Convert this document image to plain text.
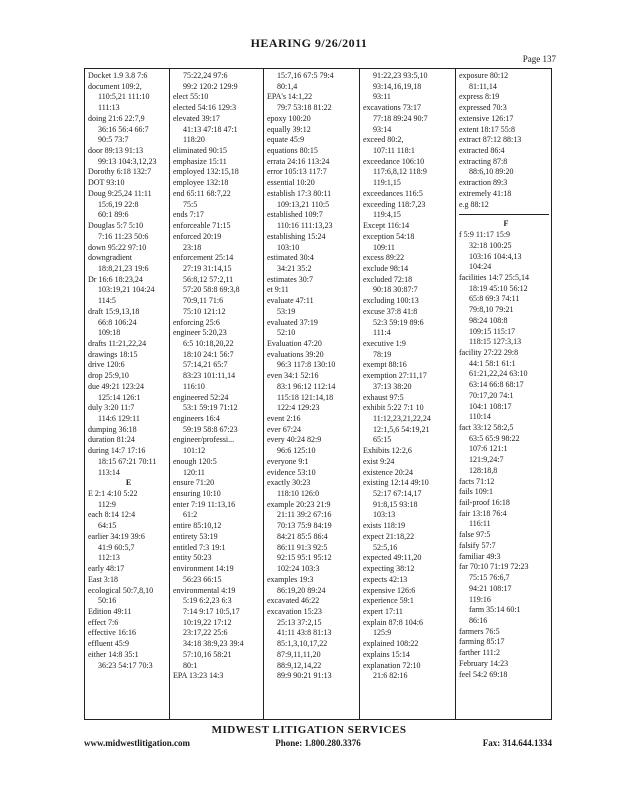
HEARING 9/26/2011
Page 137
Docket 1.9 3.8 7:6
document 109:2,
110:5,21 111:10
111:13
doing 21:6 22:7,9
36:16 56:4 66:7
90:5 73:7
door 89:13 91:13
99:13 104:3,12,23
Dorothy 6:18 132:7
DOT 93:10
Doug 9:25,24 11:11
15:6,19 22:8
60:1 89:6
Douglas 5:7 5:10
7:16 11:23 50:6
down 95:22 97:10
downgradient
18:8,21,23 19:6
Dr 16:6 18:23,24
103:19,21 104:24
114:5
draft 15:9,13,18
66:8 106:24
109:18
drafts 11:21,22,24
drawings 18:15
drive 120:6
drop 25:9,10
due 49:21 123:24
125:14 126:1
duly 3:20 11:7
114:6 129:11
dumping 36:18
duration 81:24
during 14:7 17:16
18:15 67:21 70:11
113:14
E
E 2:1 4:10 5:22
112:9
each 8:14 12:4
64:15
earlier 34:19 39:6
41:9 60:5,7
112:13
early 48:17
East 3:18
ecological 50:7,8,10
50:16
Edition 49:11
effect 7:6
effective 16:16
effluent 45:9
either 14:8 35:1
36:23 54:17 70:3
75:22,24 97:6
99:2 120:2 129:9
elect 55:10
elected 54:16 129:3
elevated 39:17
41:13 47:18 47:1
118:20
eliminated 90:15
emphasize 15:11
employed 132:15,18
employee 132:18
end 65:11 68:7,22
75:5
ends 7:17
enforceable 71:15
enforced 20:19
23:18
enforcement 25:14
27:19 31:14,15
56:8,12 57:2,11
57:20 58:8 69:3,8
70:9,11 71:6
75:10 121:12
enforcing 25:6
engineer 5:20,23
6:5 10:18,20,22
18:10 24:1 56:7
57:14,21 65:7
83:23 101:11,14
116:10
engineered 52:24
53:1 59:19 71:12
engineers 16:4
59:19 58:8 67:23
engineer/professi...
101:12
enough 120:5
120:11
ensure 71:20
ensuring 10:10
enter 7:19 11:13,16
61:2
entire 85:10,12
entirety 53:19
entitled 7:3 19:1
entity 50:23
environment 14:19
56:23 66:15
environmental 4:19
5:19 6:2,23 6:3
7:14 9:17 10:5,17
10:19,22 17:12
23:17,22 25:6
34:18 38:9,23 39:4
57:10,16 58:21
80:1
EPA 13:23 14:3
15:7,16 67:5 79:4
80:1,4
EPA's 14:1,22
79:7 53:18 81:22
epoxy 100:20
equally 39:12
equate 45:9
equations 80:15
errata 24:16 113:24
error 105:13 117:7
essential 10:20
establish 17:3 80:11
109:13,21 110:5
established 109:7
110:16 111:13,23
establishing 15:24
103:10
estimated 30:4
34:21 35:2
estimates 30:7
et 9:11
evaluate 47:11
53:19
evaluated 37:19
52:10
Evaluation 47:20
evaluations 39:20
96:3 117:8 130:10
even 34:1 52:16
83:1 96:12 112:14
115:18 121:14,18
122:4 129:23
event 2:16
ever 67:24
every 40:24 82:9
96:6 125:10
everyone 9:1
evidence 53:10
exactly 30:23
118:10 126:0
example 20:23 21:9
21:11 39:2 67:16
70:13 75:9 84:19
84:21 85:5 86:4
86:11 91:3 92:5
92:15 95:1 95:12
102:24 103:3
examples 19:3
86:19,20 89:24
excavated 46:22
excavation 15:23
25:13 37:2,15
41:11 43:8 81:13
85:1,3,10,17,22
87:9,11,11,20
88:9,12,14,22
89:9 90:21 91:13
91:22,23 93:5,10
93:14,16,19,18
93:11
excavations 73:17
77:18 89:24 90:7
93:14
exceed 80:2,
107:11 118:1
exceedance 106:10
117:6,8,12 118:9
119:1,15
exceedances 116:5
exceeding 118:7,23
119:4,15
Except 116:14
exception 54:18
109:11
excess 89:22
exclude 98:14
excluded 72:18
90:18 30:87:7
excluding 100:13
excuse 37:8 41:8
52:3 59:19 89:6
111:4
executive 1:9
78:19
exempt 88:16
exemption 27:11,17
37:13 38:20
exhaust 97:5
exhibit 5:22 7:1 10
11:12,23,21,22,24
12:1,5,6 54:19,21
65:15
Exhibits 12:2,6
exist 9:24
existence 20:24
existing 12:14 49:10
52:17 67:14,17
91:8,15 93:18
103:13
exists 118:19
expect 21:18,22
52:5,16
expected 49:11,20
expecting 38:12
expects 42:13
expensive 126:6
experience 59:1
expert 17:11
explain 87:8 104:6
125:9
explained 108:22
explains 15:14
explanation 72:10
21:6 82:16
exposure 80:12
81:11,14
express 8:19
expressed 70:3
extensive 126:17
extent 18:17 55:8
extract 87:12 88:13
extracted 86:4
extracting 87:8
88:6,10 89:20
extraction 89:3
extremely 41:18
e.g 88:12
F
f 5:9 11:17 15:9
32:18 100:25
103:16 104:4,13
104:24
facilities 14:7 25:5,14
18:19 45:10 56:12
65:8 69:3 74:11
79:8,10 79:21
98:24 108:8
109:15 115:17
118:15 127:3,13
facility 27:22 29:8
44:1 58:1 61:1
61:21,22,24 63:10
63:14 66:8 68:17
70:17,20 74:1
104:1 108:17
110:14
fact 33:12 58:2,5
63:5 65:9 98:22
107:6 121:1
121:9,24:7
128:18,8
facts 71:12
fails 109:1
fail-proof 16:18
fair 13:18 76:4
116:11
false 97:5
falsify 57:7
familiar 49:3
far 70:10 71:19 72:23
75:15 76:6,7
94:21 108:17
119:16
farm 35:14 60:1
86:16
farmers 76:5
farming 85:17
farther 111:2
February 14:23
feel 54:2 69:18
MIDWEST LITIGATION SERVICES
www.midwestlitigation.com	Phone: 1.800.280.3376	Fax: 314.644.1334
